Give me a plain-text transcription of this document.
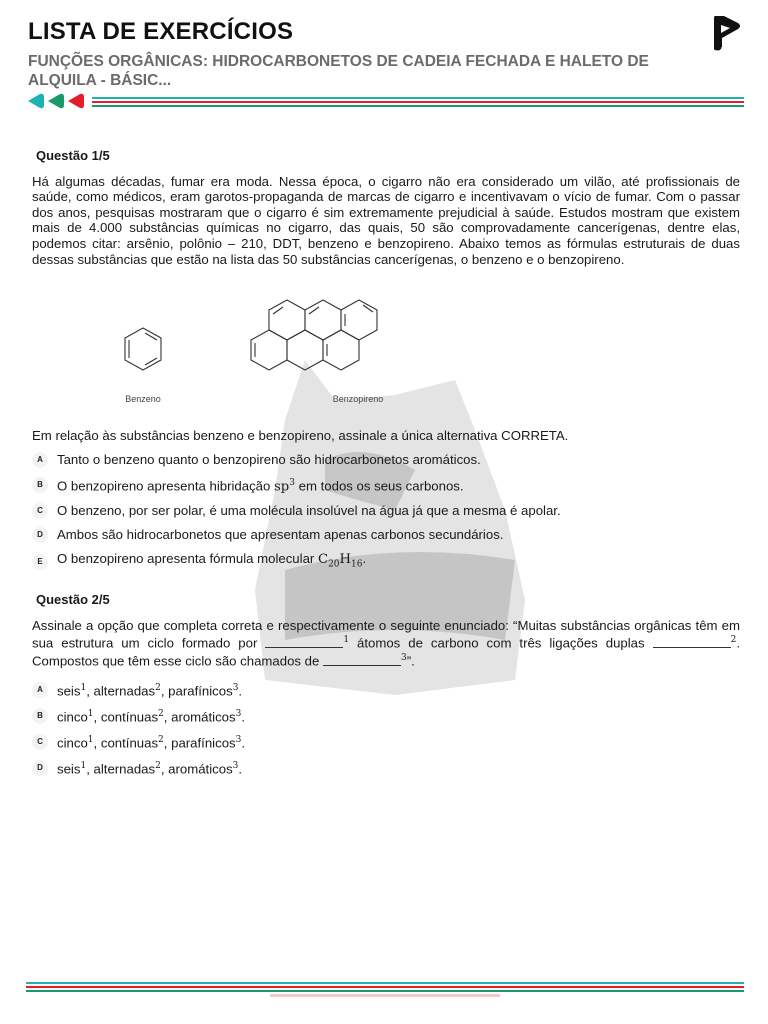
LISTA DE EXERCÍCIOS
FUNÇÕES ORGÂNICAS: HIDROCARBONETOS DE CADEIA FECHADA E HALETO DE ALQUILA - BÁSIC...
Questão 1/5
Há algumas décadas, fumar era moda. Nessa época, o cigarro não era considerado um vilão, até profissionais de saúde, como médicos, eram garotos-propaganda de marcas de cigarro e incentivavam o vício de fumar. Com o passar dos anos, pesquisas mostraram que o cigarro é sim extremamente prejudicial à saúde. Estudos mostram que existem mais de 4.000 substâncias químicas no cigarro, das quais, 50 são comprovadamente cancerígenas, dentre elas, podemos citar: arsênio, polônio – 210, DDT, benzeno e benzopireno. Abaixo temos as fórmulas estruturais de duas dessas substâncias que estão na lista das 50 substâncias cancerígenas, o benzeno e o benzopireno.
Benzeno	Benzopireno
Em relação às substâncias benzeno e benzopireno, assinale a única alternativa CORRETA.
A	Tanto o benzeno quanto o benzopireno são hidrocarbonetos aromáticos.
B	O benzopireno apresenta hibridação $sp^3$ em todos os seus carbonos.
C	O benzeno, por ser polar, é uma molécula insolúvel na água já que a mesma é apolar.
D	Ambos são hidrocarbonetos que apresentam apenas carbonos secundários.
E	O benzopireno apresenta fórmula molecular $C_{20}H_{16}$.
Questão 2/5
Assinale a opção que completa correta e respectivamente o seguinte enunciado: “Muitas substâncias orgânicas têm em sua estrutura um ciclo formado por	$^1$ átomos de carbono com três ligações duplas	$^2$. Compostos que têm esse ciclo são chamados de	$^3$”.
A	seis$^1$, alternadas$^2$, parafínicos$^3$.
B	cinco$^1$, contínuas$^2$, aromáticos$^3$.
C	cinco$^1$, contínuas$^2$, parafínicos$^3$.
D	seis$^1$, alternadas$^2$, aromáticos$^3$.
